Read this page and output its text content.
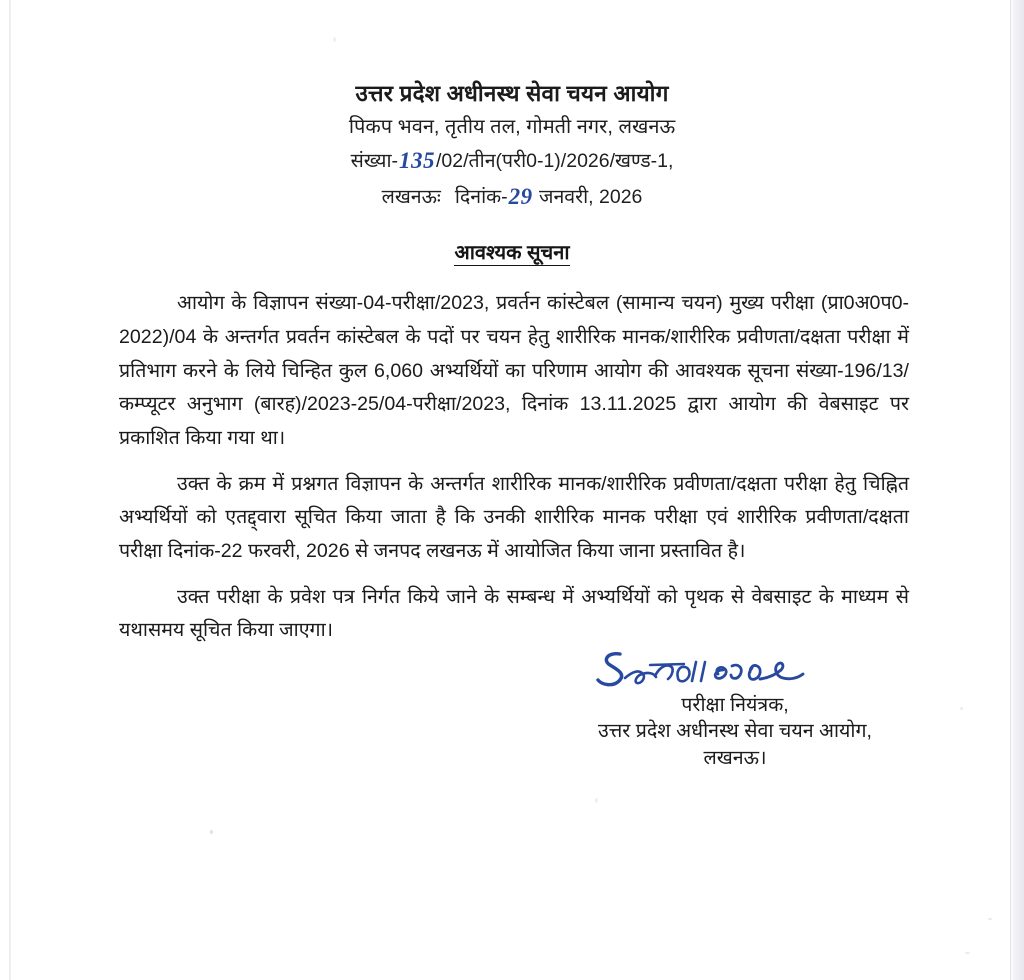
उत्तर प्रदेश अधीनस्थ सेवा चयन आयोग
पिकप भवन, तृतीय तल, गोमती नगर, लखनऊ
संख्या-135/02/तीन(परी0-1)/2026/खण्ड-1,
लखनऊः दिनांक-29 जनवरी, 2026
आवश्यक सूचना

आयोग के विज्ञापन संख्या-04-परीक्षा/2023, प्रवर्तन कांस्टेबल (सामान्य चयन) मुख्य परीक्षा (प्रा0अ0प0-2022)/04 के अन्तर्गत प्रवर्तन कांस्टेबल के पदों पर चयन हेतु शारीरिक मानक/शारीरिक प्रवीणता/दक्षता परीक्षा में प्रतिभाग करने के लिये चिन्हित कुल 6,060 अभ्यर्थियों का परिणाम आयोग की आवश्यक सूचना संख्या-196/13/कम्प्यूटर अनुभाग (बारह)/2023-25/04-परीक्षा/2023, दिनांक 13.11.2025 द्वारा आयोग की वेबसाइट पर प्रकाशित किया गया था।

उक्त के क्रम में प्रश्नगत विज्ञापन के अन्तर्गत शारीरिक मानक/शारीरिक प्रवीणता/दक्षता परीक्षा हेतु चिह्नित अभ्यर्थियों को एतद्द्वारा सूचित किया जाता है कि उनकी शारीरिक मानक परीक्षा एवं शारीरिक प्रवीणता/दक्षता परीक्षा दिनांक-22 फरवरी, 2026 से जनपद लखनऊ में आयोजित किया जाना प्रस्तावित है।

उक्त परीक्षा के प्रवेश पत्र निर्गत किये जाने के सम्बन्ध में अभ्यर्थियों को पृथक से वेबसाइट के माध्यम से यथासमय सूचित किया जाएगा।

परीक्षा नियंत्रक,
उत्तर प्रदेश अधीनस्थ सेवा चयन आयोग,
लखनऊ।
